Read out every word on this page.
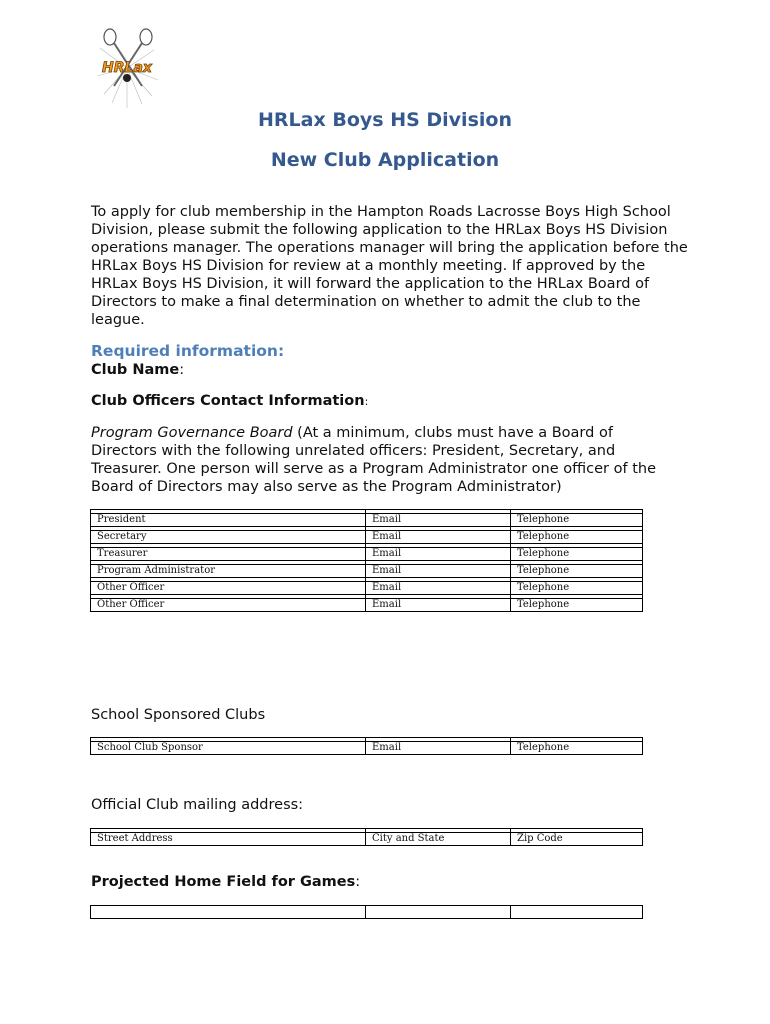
HRLax
HRLax Boys HS Division
New Club Application

To apply for club membership in the Hampton Roads Lacrosse Boys High School Division, please submit the following application to the HRLax Boys HS Division operations manager. The operations manager will bring the application before the HRLax Boys HS Division for review at a monthly meeting. If approved by the HRLax Boys HS Division, it will forward the application to the HRLax Board of Directors to make a final determination on whether to admit the club to the league.

Required information:
Club Name:
Club Officers Contact Information:

Program Governance Board (At a minimum, clubs must have a Board of Directors with the following unrelated officers: President, Secretary, and Treasurer. One person will serve as a Program Administrator one officer of the Board of Directors may also serve as the Program Administrator)

President	Email	Telephone

Secretary	Email	Telephone

Treasurer	Email	Telephone

Program Administrator	Email	Telephone

Other Officer	Email	Telephone

Other Officer	Email	Telephone
School Sponsored Clubs

School Club Sponsor	Email	Telephone
Official Club mailing address:

Street Address	City and State	Zip Code
Projected Home Field for Games:
